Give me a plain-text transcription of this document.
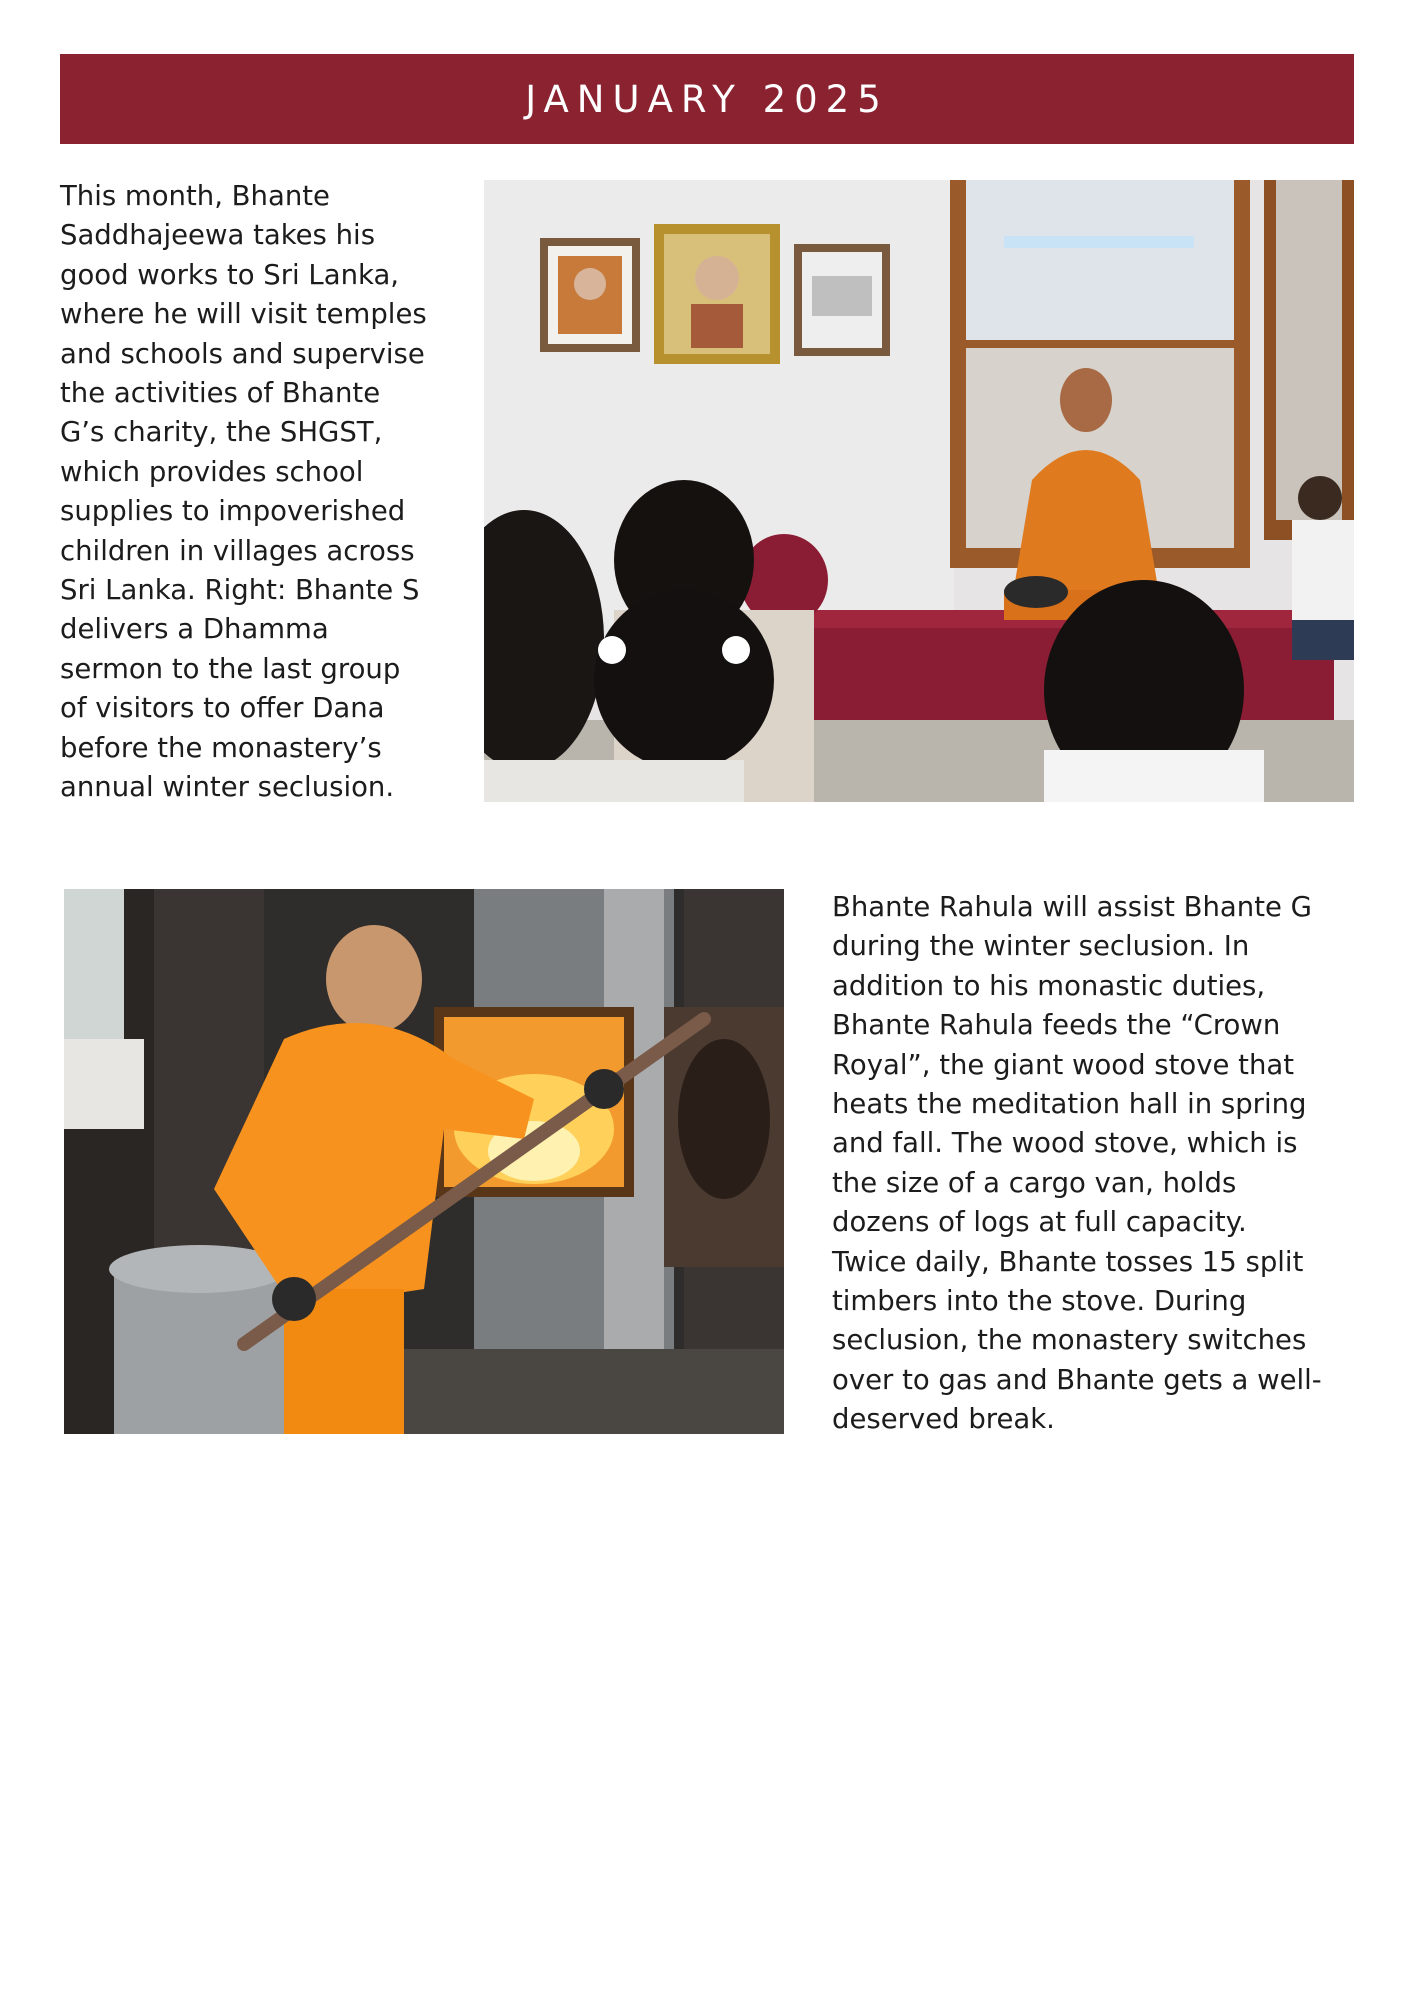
JANUARY 2025
This month, Bhante
Saddhajeewa takes his
good works to Sri Lanka,
where he will visit temples
and schools and supervise
the activities of Bhante
G’s charity, the SHGST,
which provides school
supplies to impoverished
children in villages across
Sri Lanka. Right: Bhante S
delivers a Dhamma
sermon to the last group
of visitors to offer Dana
before the monastery’s
annual winter seclusion.
Bhante Rahula will assist Bhante G
during the winter seclusion. In
addition to his monastic duties,
Bhante Rahula feeds the “Crown
Royal”, the giant wood stove that
heats the meditation hall in spring
and fall. The wood stove, which is
the size of a cargo van, holds
dozens of logs at full capacity.
Twice daily, Bhante tosses 15 split
timbers into the stove. During
seclusion, the monastery switches
over to gas and Bhante gets a well-
deserved break.
